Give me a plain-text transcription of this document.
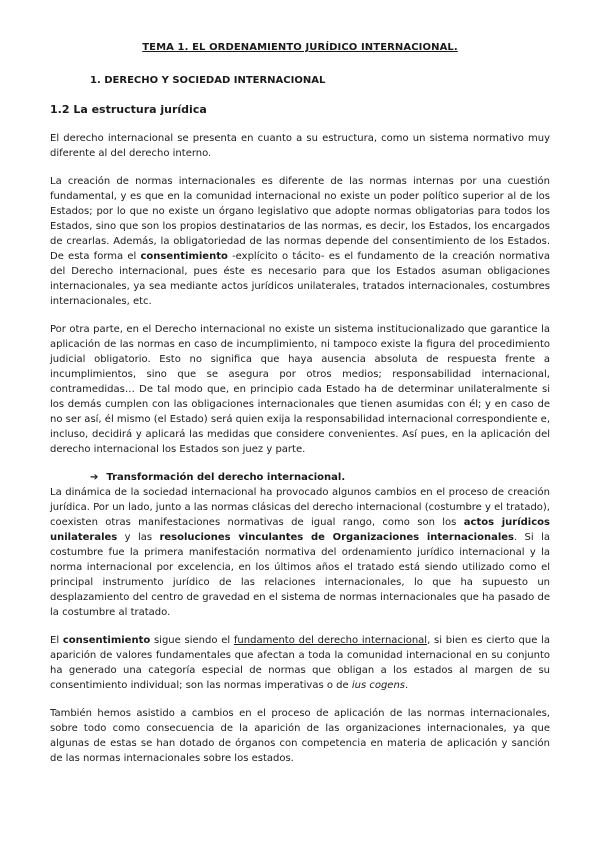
TEMA 1. EL ORDENAMIENTO JURÍDICO INTERNACIONAL.
1. DERECHO Y SOCIEDAD INTERNACIONAL
1.2 La estructura jurídica

El derecho internacional se presenta en cuanto a su estructura, como un sistema normativo muy diferente al del derecho interno.

La creación de normas internacionales es diferente de las normas internas por una cuestión fundamental, y es que en la comunidad internacional no existe un poder político superior al de los Estados; por lo que no existe un órgano legislativo que adopte normas obligatorias para todos los Estados, sino que son los propios destinatarios de las normas, es decir, los Estados, los encargados de crearlas. Además, la obligatoriedad de las normas depende del consentimiento de los Estados. De esta forma el consentimiento -explícito o tácito- es el fundamento de la creación normativa del Derecho internacional, pues éste es necesario para que los Estados asuman obligaciones internacionales, ya sea mediante actos jurídicos unilaterales, tratados internacionales, costumbres internacionales, etc.

Por otra parte, en el Derecho internacional no existe un sistema institucionalizado que garantice la aplicación de las normas en caso de incumplimiento, ni tampoco existe la figura del procedimiento judicial obligatorio. Esto no significa que haya ausencia absoluta de respuesta frente a incumplimientos, sino que se asegura por otros medios; responsabilidad internacional, contramedidas… De tal modo que, en principio cada Estado ha de determinar unilateralmente si los demás cumplen con las obligaciones internacionales que tienen asumidas con él; y en caso de no ser así, él mismo (el Estado) será quien exija la responsabilidad internacional correspondiente e, incluso, decidirá y aplicará las medidas que considere convenientes. Así pues, en la aplicación del derecho internacional los Estados son juez y parte.

➔ Transformación del derecho internacional.

La dinámica de la sociedad internacional ha provocado algunos cambios en el proceso de creación jurídica. Por un lado, junto a las normas clásicas del derecho internacional (costumbre y el tratado), coexisten otras manifestaciones normativas de igual rango, como son los actos jurídicos unilaterales y las resoluciones vinculantes de Organizaciones internacionales. Si la costumbre fue la primera manifestación normativa del ordenamiento jurídico internacional y la norma internacional por excelencia, en los últimos años el tratado está siendo utilizado como el principal instrumento jurídico de las relaciones internacionales, lo que ha supuesto un desplazamiento del centro de gravedad en el sistema de normas internacionales que ha pasado de la costumbre al tratado.

El consentimiento sigue siendo el fundamento del derecho internacional, si bien es cierto que la aparición de valores fundamentales que afectan a toda la comunidad internacional en su conjunto ha generado una categoría especial de normas que obligan a los estados al margen de su consentimiento individual; son las normas imperativas o de ius cogens.

También hemos asistido a cambios en el proceso de aplicación de las normas internacionales, sobre todo como consecuencia de la aparición de las organizaciones internacionales, ya que algunas de estas se han dotado de órganos con competencia en materia de aplicación y sanción de las normas internacionales sobre los estados.
